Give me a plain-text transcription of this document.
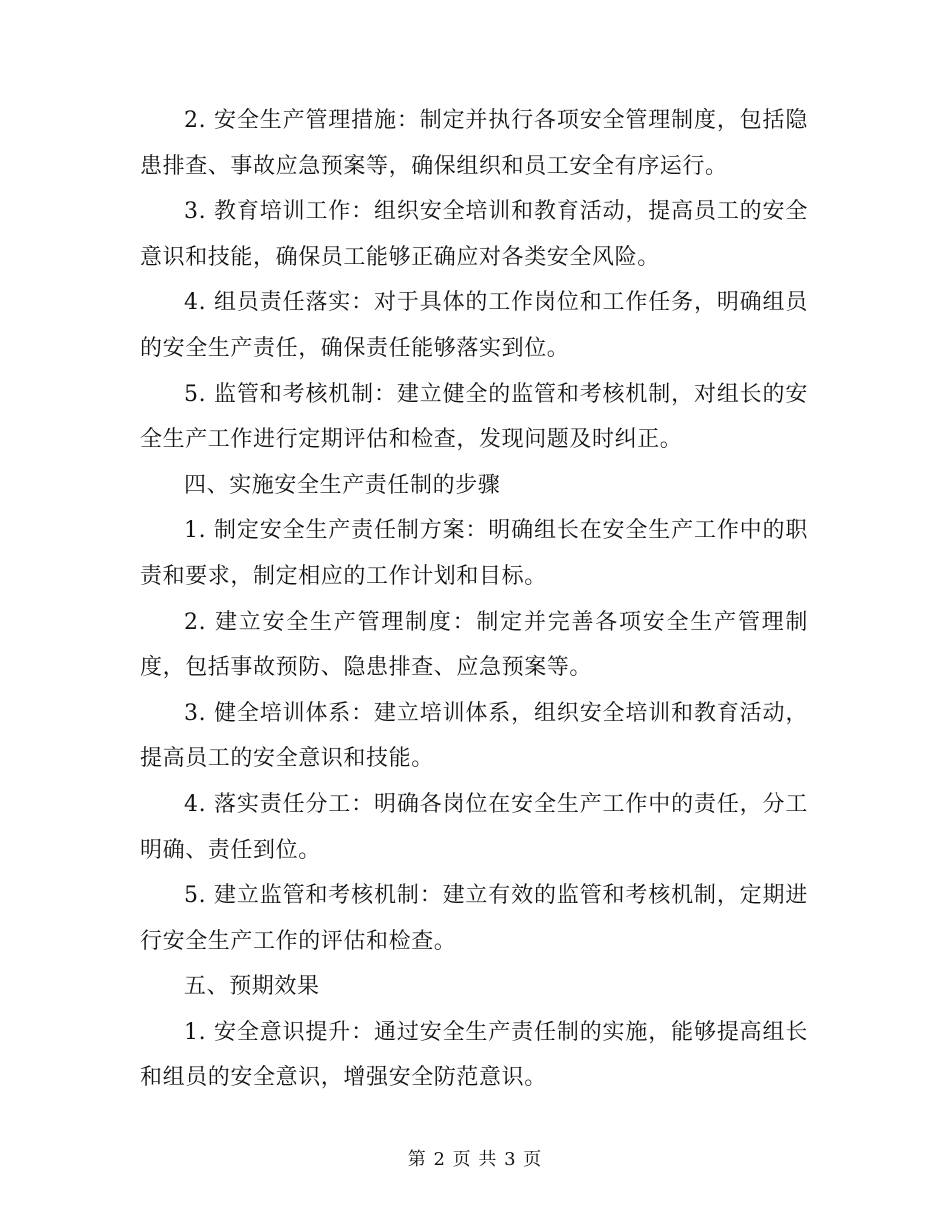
2. 安全生产管理措施：制定并执行各项安全管理制度，包括隐患排查、事故应急预案等，确保组织和员工安全有序运行。

3. 教育培训工作：组织安全培训和教育活动，提高员工的安全意识和技能，确保员工能够正确应对各类安全风险。

4. 组员责任落实：对于具体的工作岗位和工作任务，明确组员的安全生产责任，确保责任能够落实到位。

5. 监管和考核机制：建立健全的监管和考核机制，对组长的安全生产工作进行定期评估和检查，发现问题及时纠正。

四、实施安全生产责任制的步骤

1. 制定安全生产责任制方案：明确组长在安全生产工作中的职责和要求，制定相应的工作计划和目标。

2. 建立安全生产管理制度：制定并完善各项安全生产管理制度，包括事故预防、隐患排查、应急预案等。

3. 健全培训体系：建立培训体系，组织安全培训和教育活动，提高员工的安全意识和技能。

4. 落实责任分工：明确各岗位在安全生产工作中的责任，分工明确、责任到位。

5. 建立监管和考核机制：建立有效的监管和考核机制，定期进行安全生产工作的评估和检查。

五、预期效果

1. 安全意识提升：通过安全生产责任制的实施，能够提高组长和组员的安全意识，增强安全防范意识。

第 2 页 共 3 页
